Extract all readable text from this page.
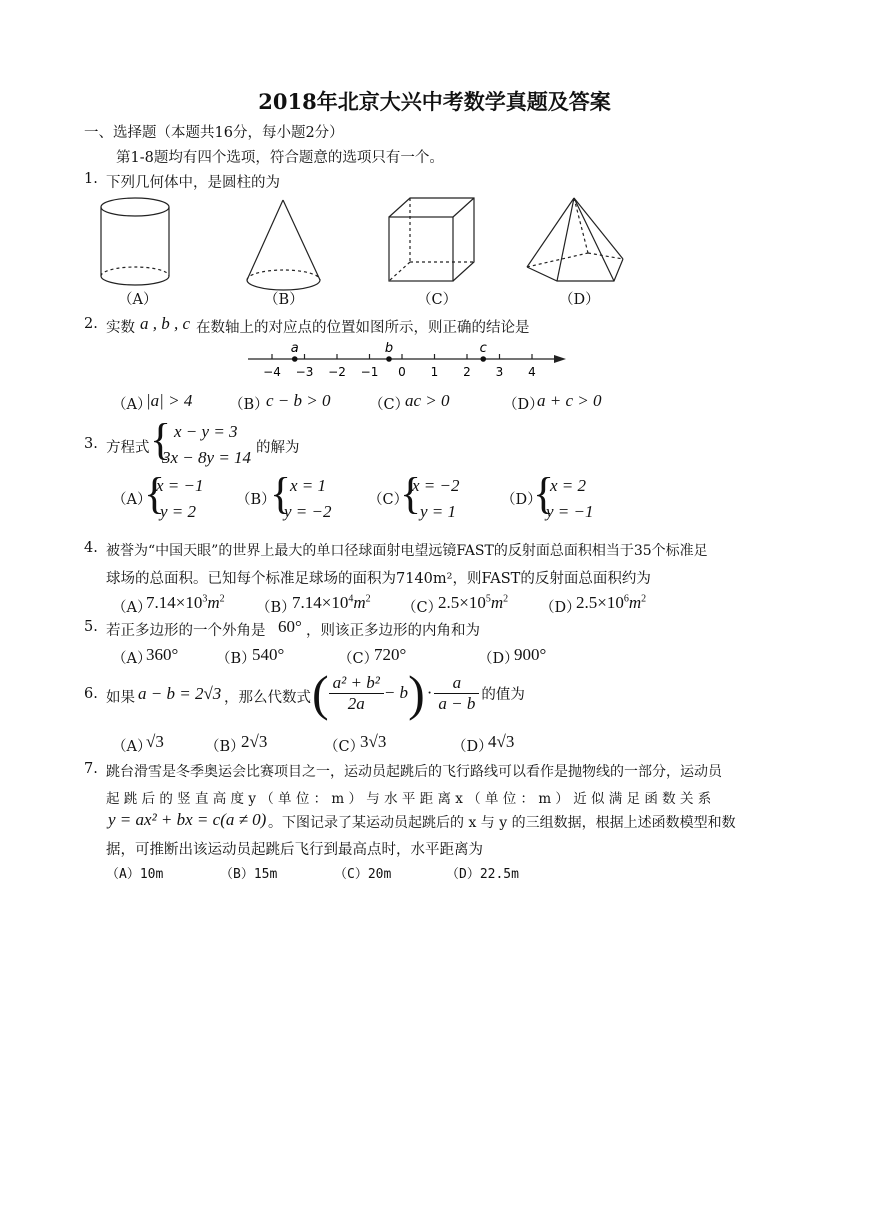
2018年北京大兴中考数学真题及答案
一、选择题（本题共16分，每小题2分）
第1-8题均有四个选项，符合题意的选项只有一个。
1. 下列几何体中，是圆柱的为
（A）	（B）	（C）	（D）
2. 实数 a , b , c 在数轴上的对应点的位置如图所示，则正确的结论是
−4 −3 −2 −1 0 1 2 3 4
a	b	c
（A）
|a| > 4	（B）
c − b > 0	（C）
ac > 0	（D）
a + c > 0
3. 方程式 { x − y = 3
3x − 8y = 14 的解为
（A）
{
x = −1
y = 2
（B）
{
x = 1
y = −2
（C）
{
x = −2
y = 1
（D）
{
x = 2
y = −1
4. 被誉为“中国天眼”的世界上最大的单口径球面射电望远镜FAST的反射面总面积相当于35个标准足
球场的总面积。已知每个标准足球场的面积为7140m²，则FAST的反射面总面积约为
（A）
$7.14\times 10^3m^2$
（B）
$7.14\times 10^4m^2$
（C）
$2.5\times 10^5m^2$
（D）
$2.5\times 10^6m^2$
5. 若正多边形的一个外角是 60° ，则该正多边形的内角和为
（A）
360°	（B）
540°	（C）
720°	（D）
900°
6. 如果 a − b = 2√3 ，那么代数式 ( $\frac{\text{a² + b²}}{2a} - b$ ) · $\frac{a}{a - b}$ 的值为
（A）
√3	（B）
2√3	（C）
3√3	（D）
4√3
7. 跳台滑雪是冬季奥运会比赛项目之一，运动员起跳后的飞行路线可以看作是抛物线的一部分，运动员
起 跳 后 的 竖 直 高 度 y （ 单 位 ： m ） 与 水 平 距 离 x （ 单 位 ： m ） 近 似 满 足 函 数 关 系
y = ax² + bx = c(a ≠ 0) 。下图记录了某运动员起跳后的 x 与 y 的三组数据，根据上述函数模型和数
据，可推断出该运动员起跳后飞行到最高点时，水平距离为
（A）10m	（B）15m	（C）20m	（D）22.5m
